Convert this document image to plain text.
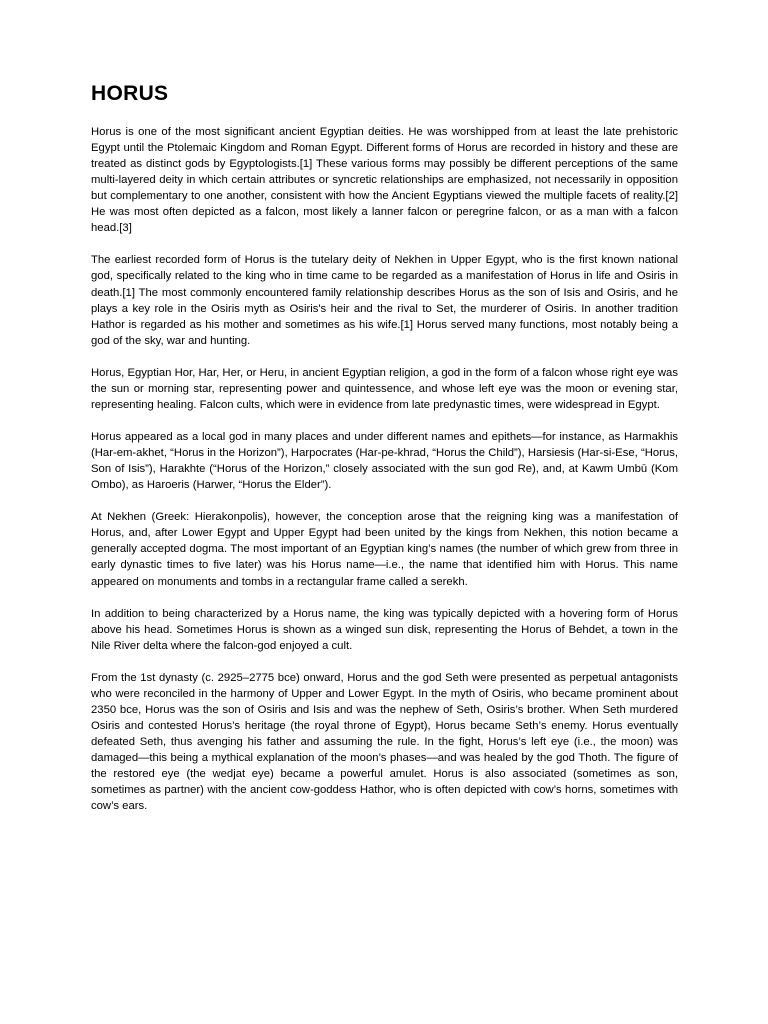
HORUS

Horus is one of the most significant ancient Egyptian deities. He was worshipped from at least the late prehistoric Egypt until the Ptolemaic Kingdom and Roman Egypt. Different forms of Horus are recorded in history and these are treated as distinct gods by Egyptologists.[1] These various forms may possibly be different perceptions of the same multi-layered deity in which certain attributes or syncretic relationships are emphasized, not necessarily in opposition but complementary to one another, consistent with how the Ancient Egyptians viewed the multiple facets of reality.[2] He was most often depicted as a falcon, most likely a lanner falcon or peregrine falcon, or as a man with a falcon head.[3]

The earliest recorded form of Horus is the tutelary deity of Nekhen in Upper Egypt, who is the first known national god, specifically related to the king who in time came to be regarded as a manifestation of Horus in life and Osiris in death.[1] The most commonly encountered family relationship describes Horus as the son of Isis and Osiris, and he plays a key role in the Osiris myth as Osiris's heir and the rival to Set, the murderer of Osiris. In another tradition Hathor is regarded as his mother and sometimes as his wife.[1] Horus served many functions, most notably being a god of the sky, war and hunting.

Horus, Egyptian Hor, Har, Her, or Heru, in ancient Egyptian religion, a god in the form of a falcon whose right eye was the sun or morning star, representing power and quintessence, and whose left eye was the moon or evening star, representing healing. Falcon cults, which were in evidence from late predynastic times, were widespread in Egypt.

Horus appeared as a local god in many places and under different names and epithets—for instance, as Harmakhis (Har-em-akhet, “Horus in the Horizon”), Harpocrates (Har-pe-khrad, “Horus the Child”), Harsiesis (Har-si-Ese, “Horus, Son of Isis”), Harakhte (“Horus of the Horizon,” closely associated with the sun god Re), and, at Kawm Umbū (Kom Ombo), as Haroeris (Harwer, “Horus the Elder”).

At Nekhen (Greek: Hierakonpolis), however, the conception arose that the reigning king was a manifestation of Horus, and, after Lower Egypt and Upper Egypt had been united by the kings from Nekhen, this notion became a generally accepted dogma. The most important of an Egyptian king’s names (the number of which grew from three in early dynastic times to five later) was his Horus name—i.e., the name that identified him with Horus. This name appeared on monuments and tombs in a rectangular frame called a serekh.

In addition to being characterized by a Horus name, the king was typically depicted with a hovering form of Horus above his head. Sometimes Horus is shown as a winged sun disk, representing the Horus of Behdet, a town in the Nile River delta where the falcon-god enjoyed a cult.

From the 1st dynasty (c. 2925–2775 bce) onward, Horus and the god Seth were presented as perpetual antagonists who were reconciled in the harmony of Upper and Lower Egypt. In the myth of Osiris, who became prominent about 2350 bce, Horus was the son of Osiris and Isis and was the nephew of Seth, Osiris’s brother. When Seth murdered Osiris and contested Horus’s heritage (the royal throne of Egypt), Horus became Seth’s enemy. Horus eventually defeated Seth, thus avenging his father and assuming the rule. In the fight, Horus’s left eye (i.e., the moon) was damaged—this being a mythical explanation of the moon’s phases—and was healed by the god Thoth. The figure of the restored eye (the wedjat eye) became a powerful amulet. Horus is also associated (sometimes as son, sometimes as partner) with the ancient cow-goddess Hathor, who is often depicted with cow’s horns, sometimes with cow’s ears.
